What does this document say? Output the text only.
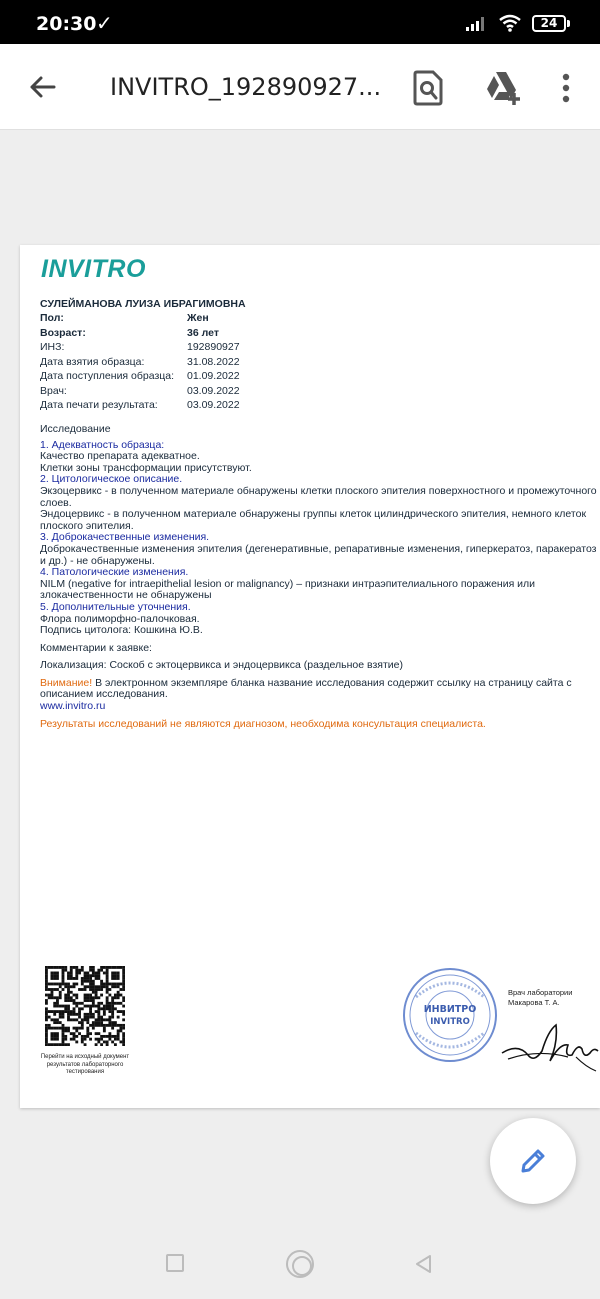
20:30 ✓	24
INVITRO_192890927...
INVITRO
СУЛЕЙМАНОВА ЛУИЗА ИБРАГИМОВНА
Пол:	Жен
Возраст:	36 лет
ИНЗ:	192890927
Дата взятия образца:	31.08.2022
Дата поступления образца:	01.09.2022
Врач:	03.09.2022
Дата печати результата:	03.09.2022

Исследование

1. Адекватность образца:

Качество препарата адекватное.

Клетки зоны трансформации присутствуют.

2. Цитологическое описание.

Экзоцервикс - в полученном материале обнаружены клетки плоского эпителия поверхностного и промежуточного слоев.

Эндоцервикс - в полученном материале обнаружены группы клеток цилиндрического эпителия, немного клеток плоского эпителия.

3. Доброкачественные изменения.

Доброкачественные изменения эпителия (дегенеративные, репаративные изменения, гиперкератоз, паракератоз и др.) - не обнаружены.

4. Патологические изменения.

NILM (negative for intraepithelial lesion or malignancy) – признаки интраэпителиального поражения или злокачественности не обнаружены

5. Дополнительные уточнения.

Флора полиморфно-палочковая.

Подпись цитолога: Кошкина Ю.В.

Комментарии к заявке:

Локализация: Соскоб с эктоцервикса и эндоцервикса (раздельное взятие)

Внимание! В электронном экземпляре бланка название исследования содержит ссылку на страницу сайта с описанием исследования.

www.invitro.ru

Результаты исследований не являются диагнозом, необходима консультация специалиста.

Перейти на исходный документ результатов лабораторного тестирования
ИНВИТРО
INVITRO
Врач лаборатории
Макарова Т. А.
